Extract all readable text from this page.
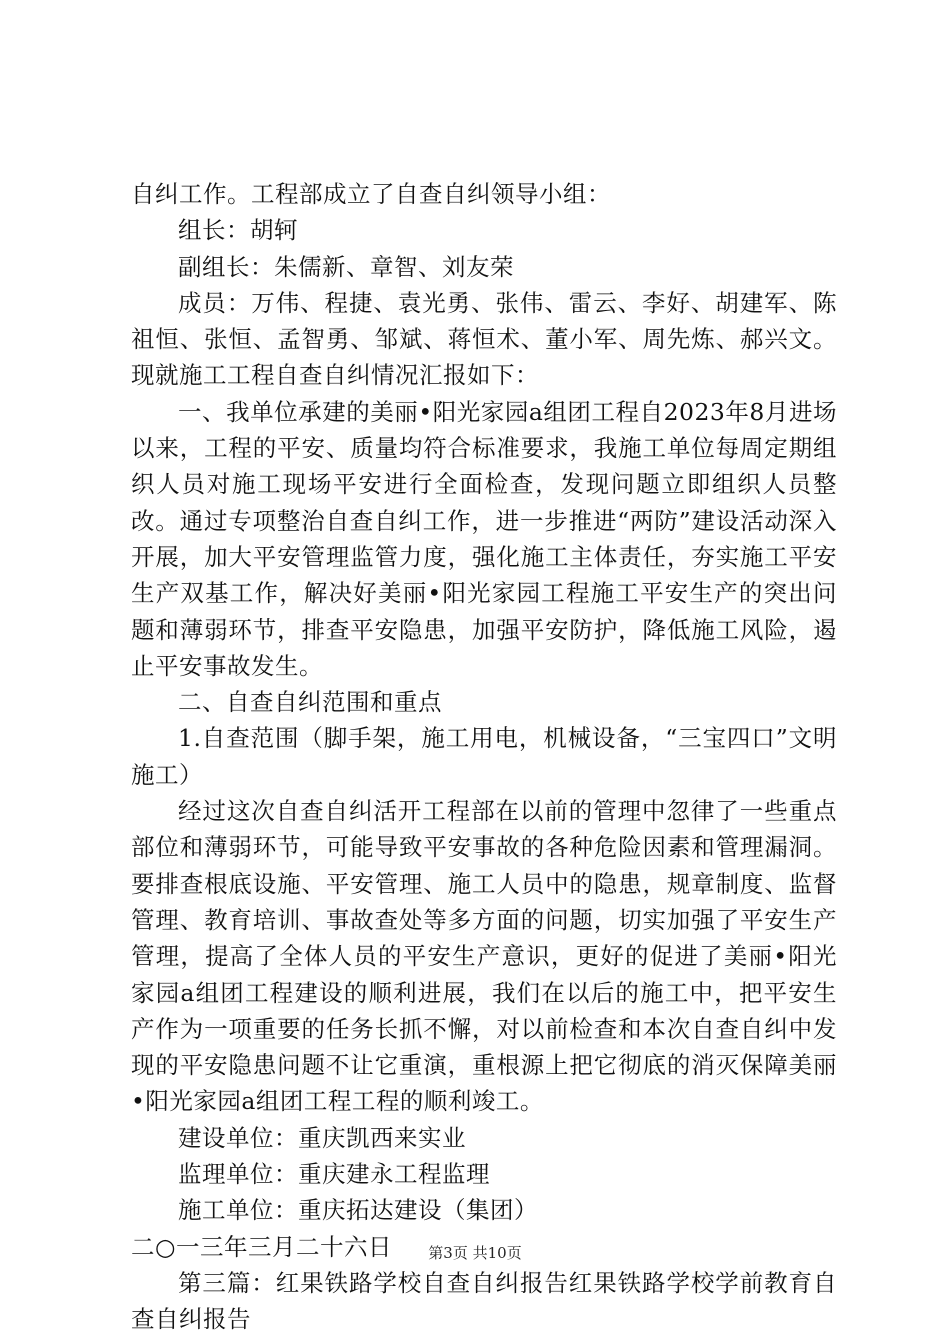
自纠工作。工程部成立了自查自纠领导小组：

组长：胡轲

副组长：朱儒新、章智、刘友荣

成员：万伟、程捷、袁光勇、张伟、雷云、李好、胡建军、陈祖恒、张恒、孟智勇、邹斌、蒋恒术、董小军、周先炼、郝兴文。现就施工工程自查自纠情况汇报如下：

一、我单位承建的美丽•阳光家园a组团工程自2023年8月进场以来，工程的平安、质量均符合标准要求，我施工单位每周定期组织人员对施工现场平安进行全面检查，发现问题立即组织人员整改。通过专项整治自查自纠工作，进一步推进“两防”建设活动深入开展，加大平安管理监管力度，强化施工主体责任，夯实施工平安生产双基工作，解决好美丽•阳光家园工程施工平安生产的突出问题和薄弱环节，排查平安隐患，加强平安防护，降低施工风险，遏止平安事故发生。

二、自查自纠范围和重点

1.自查范围（脚手架，施工用电，机械设备，“三宝四口”文明施工）

经过这次自查自纠活开工程部在以前的管理中忽律了一些重点部位和薄弱环节，可能导致平安事故的各种危险因素和管理漏洞。要排查根底设施、平安管理、施工人员中的隐患，规章制度、监督管理、教育培训、事故查处等多方面的问题，切实加强了平安生产管理，提高了全体人员的平安生产意识，更好的促进了美丽•阳光家园a组团工程建设的顺利进展，我们在以后的施工中，把平安生产作为一项重要的任务长抓不懈，对以前检查和本次自查自纠中发现的平安隐患问题不让它重演，重根源上把它彻底的消灭保障美丽•阳光家园a组团工程工程的顺利竣工。

建设单位：重庆凯西来实业

监理单位：重庆建永工程监理

施工单位：重庆拓达建设（集团）

二○一三年三月二十六日

第三篇：红果铁路学校自查自纠报告红果铁路学校学前教育自查自纠报告

第3页 共10页
